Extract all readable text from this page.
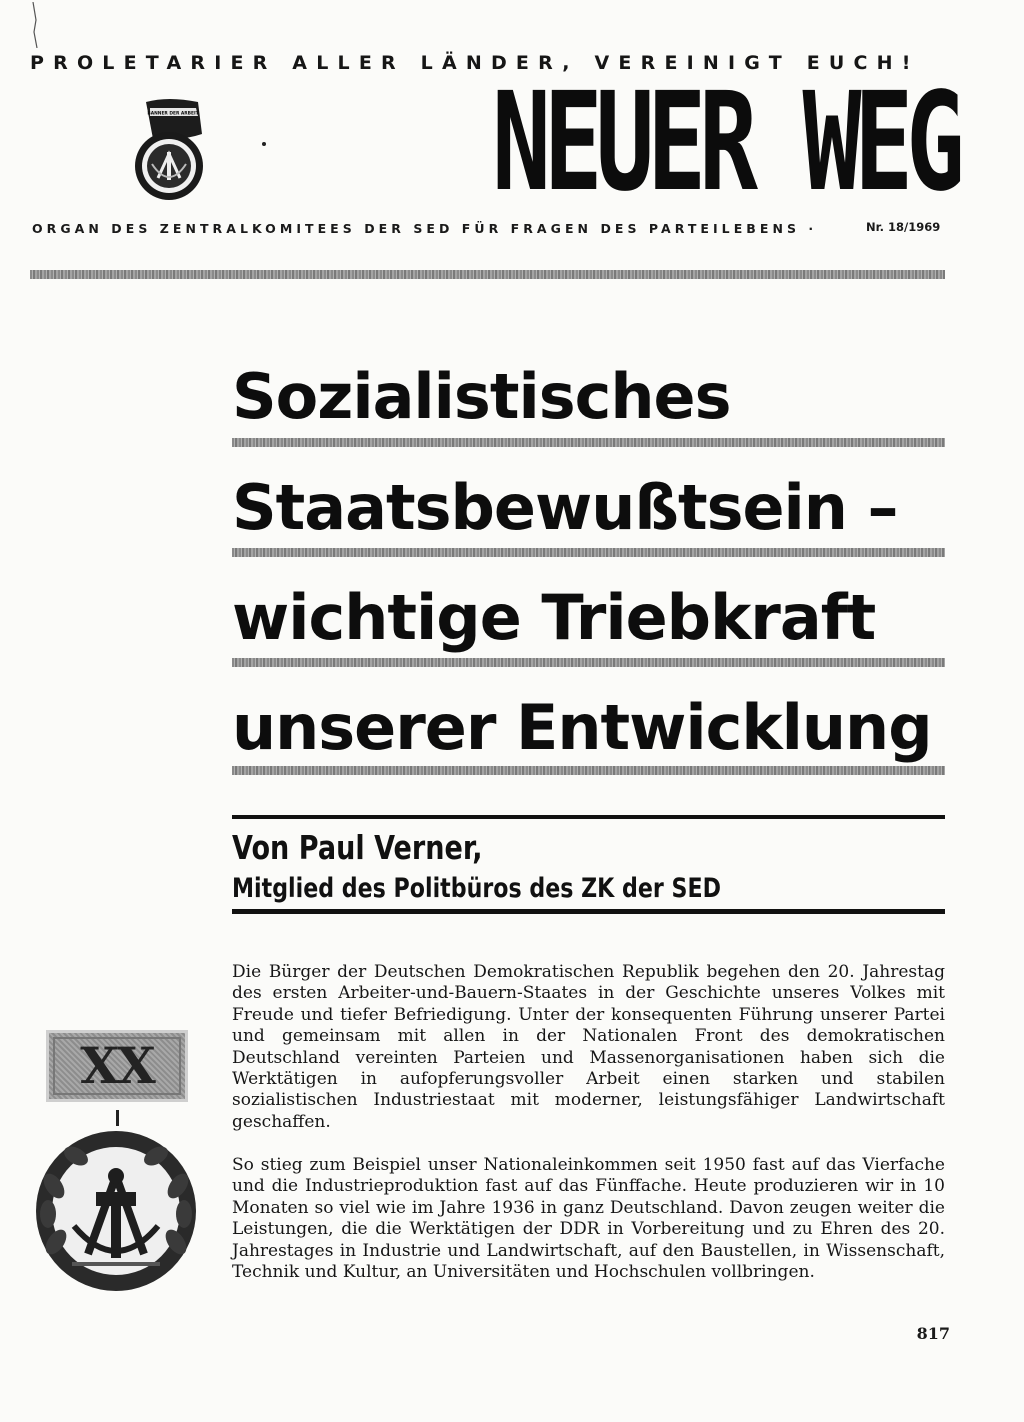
PROLETARIER ALLER LÄNDER, VEREINIGT EUCH!
BANNER DER ARBEIT NEUER WEG
ORGAN DES ZENTRALKOMITEES DER SED FÜR FRAGEN DES PARTEILEBENS ·	Nr. 18/1969
Sozialistisches
Staatsbewußtsein –
wichtige Triebkraft
unserer Entwicklung
Von Paul Verner,
Mitglied des Politbüros des ZK der SED
XX

Die Bürger der Deutschen Demokratischen Republik begehen den 20. Jahrestag des ersten Arbeiter-und-Bauern-Staates in der Geschichte unseres Volkes mit Freude und tiefer Befriedigung. Unter der konsequenten Führung unserer Partei und gemeinsam mit allen in der Nationalen Front des demokratischen Deutschland vereinten Parteien und Massenorganisationen haben sich die Werktätigen in aufopferungsvoller Arbeit einen starken und stabilen sozialistischen Industriestaat mit moderner, leistungsfähiger Landwirtschaft geschaffen.

So stieg zum Beispiel unser Nationaleinkommen seit 1950 fast auf das Vierfache und die Industrieproduktion fast auf das Fünffache. Heute produzieren wir in 10 Monaten so viel wie im Jahre 1936 in ganz Deutschland. Davon zeugen weiter die Leistungen, die die Werktätigen der DDR in Vorbereitung und zu Ehren des 20. Jahrestages in Industrie und Landwirtschaft, auf den Baustellen, in Wissenschaft, Technik und Kultur, an Universitäten und Hochschulen vollbringen.

817
